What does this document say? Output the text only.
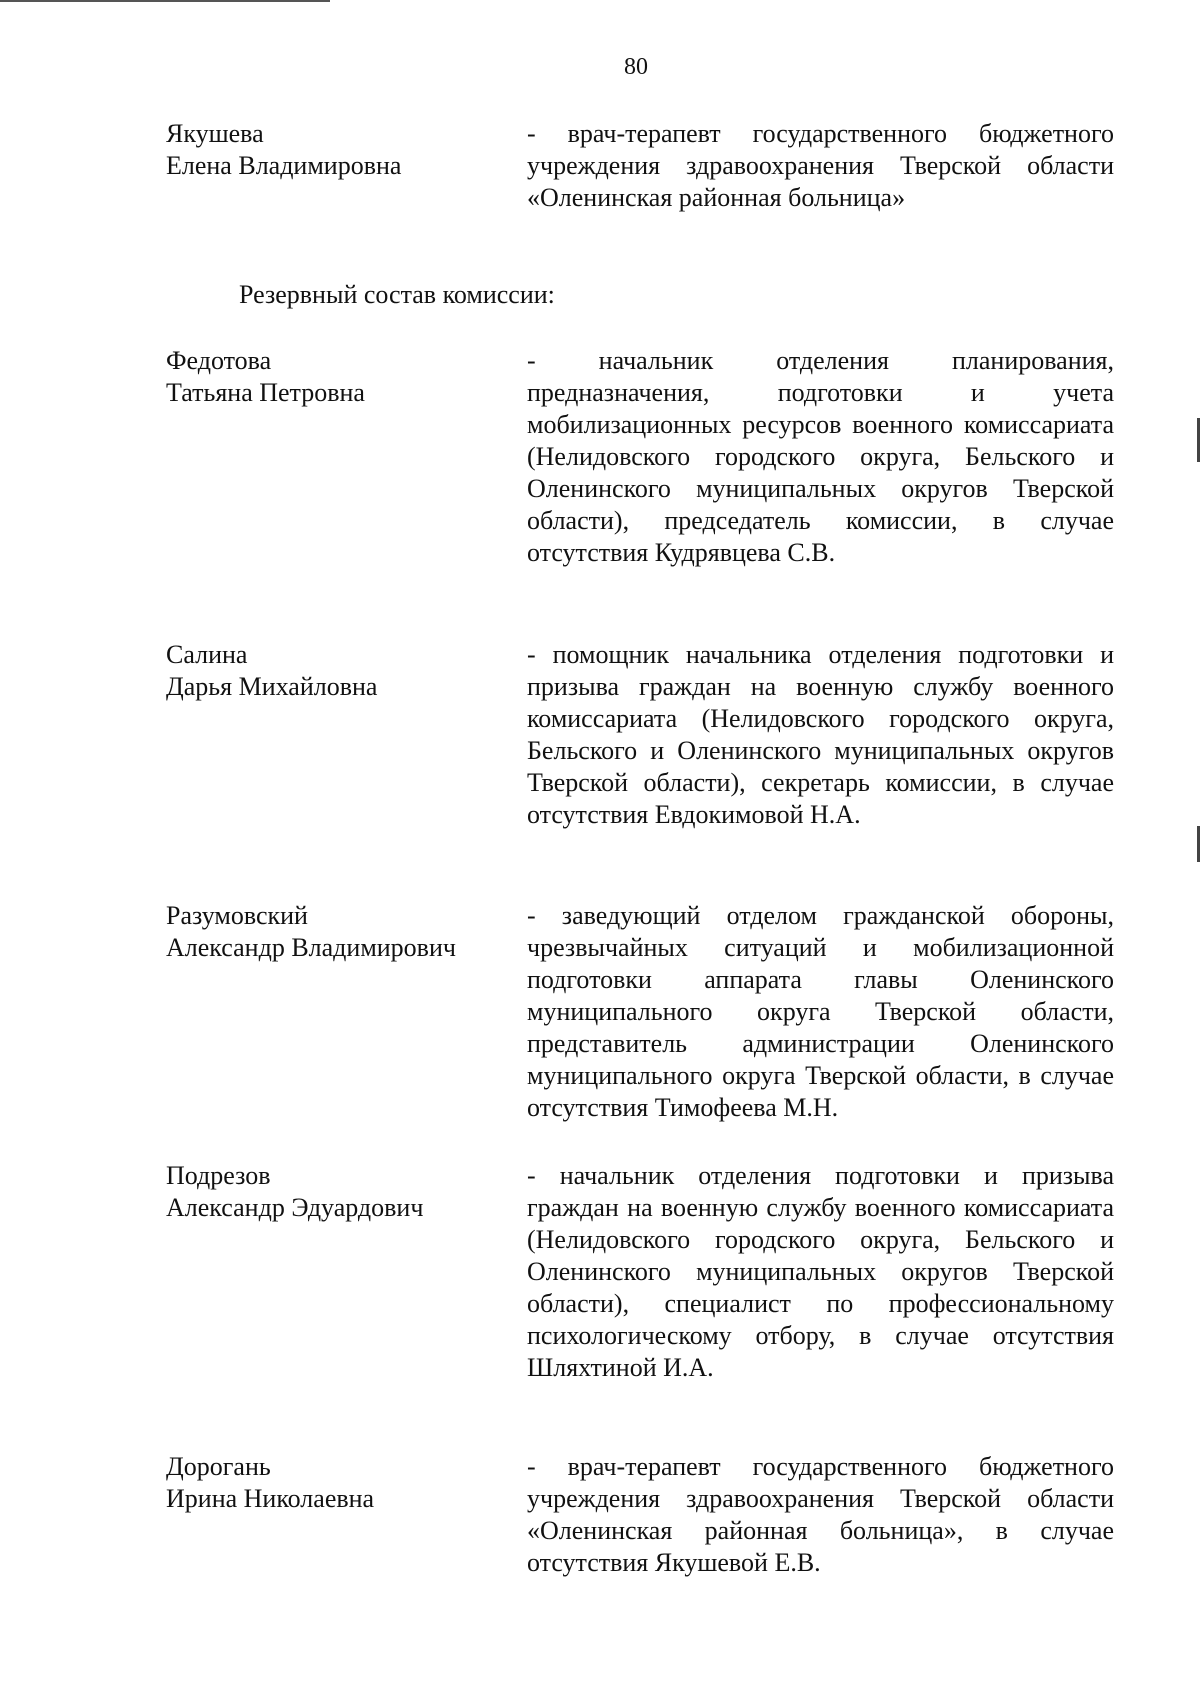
80
Якушева
Елена Владимировна
- врач-терапевт государственного бюджетного учреждения здравоохранения Тверской области «Оленинская районная больница»
Резервный состав комиссии:
Федотова
Татьяна Петровна
- начальник отделения планирования, предназначения, подготовки и учета мобилизационных ресурсов военного комиссариата (Нелидовского городского округа, Бельского и Оленинского муниципальных округов Тверской области), председатель комиссии, в случае отсутствия Кудрявцева С.В.
Салина
Дарья Михайловна
- помощник начальника отделения подготовки и призыва граждан на военную службу военного комиссариата (Нелидовского городского округа, Бельского и Оленинского муниципальных округов Тверской области), секретарь комиссии, в случае отсутствия Евдокимовой Н.А.
Разумовский
Александр Владимирович
- заведующий отделом гражданской обороны, чрезвычайных ситуаций и мобилизационной подготовки аппарата главы Оленинского муниципального округа Тверской области, представитель администрации Оленинского муниципального округа Тверской области, в случае отсутствия Тимофеева М.Н.
Подрезов
Александр Эдуардович
- начальник отделения подготовки и призыва граждан на военную службу военного комиссариата (Нелидовского городского округа, Бельского и Оленинского муниципальных округов Тверской области), специалист по профессиональному психологическому отбору, в случае отсутствия Шляхтиной И.А.
Дорогань
Ирина Николаевна
- врач-терапевт государственного бюджетного учреждения здравоохранения Тверской области «Оленинская районная больница», в случае отсутствия Якушевой Е.В.
